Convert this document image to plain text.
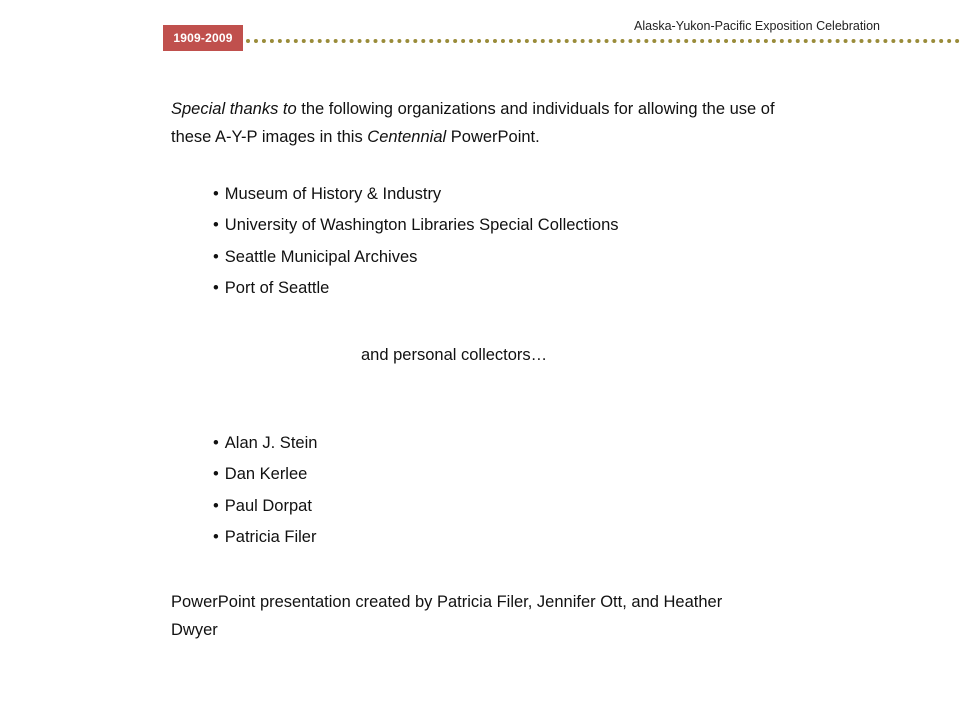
1909-2009
Alaska-Yukon-Pacific Exposition Celebration

Special thanks to the following organizations and individuals for allowing the use of these A-Y-P images in this Centennial PowerPoint.

• Museum of History & Industry
• University of Washington Libraries Special Collections
• Seattle Municipal Archives
• Port of Seattle
and personal collectors…
• Alan J. Stein
• Dan Kerlee
• Paul Dorpat
• Patricia Filer

PowerPoint presentation created by Patricia Filer, Jennifer Ott, and Heather Dwyer
